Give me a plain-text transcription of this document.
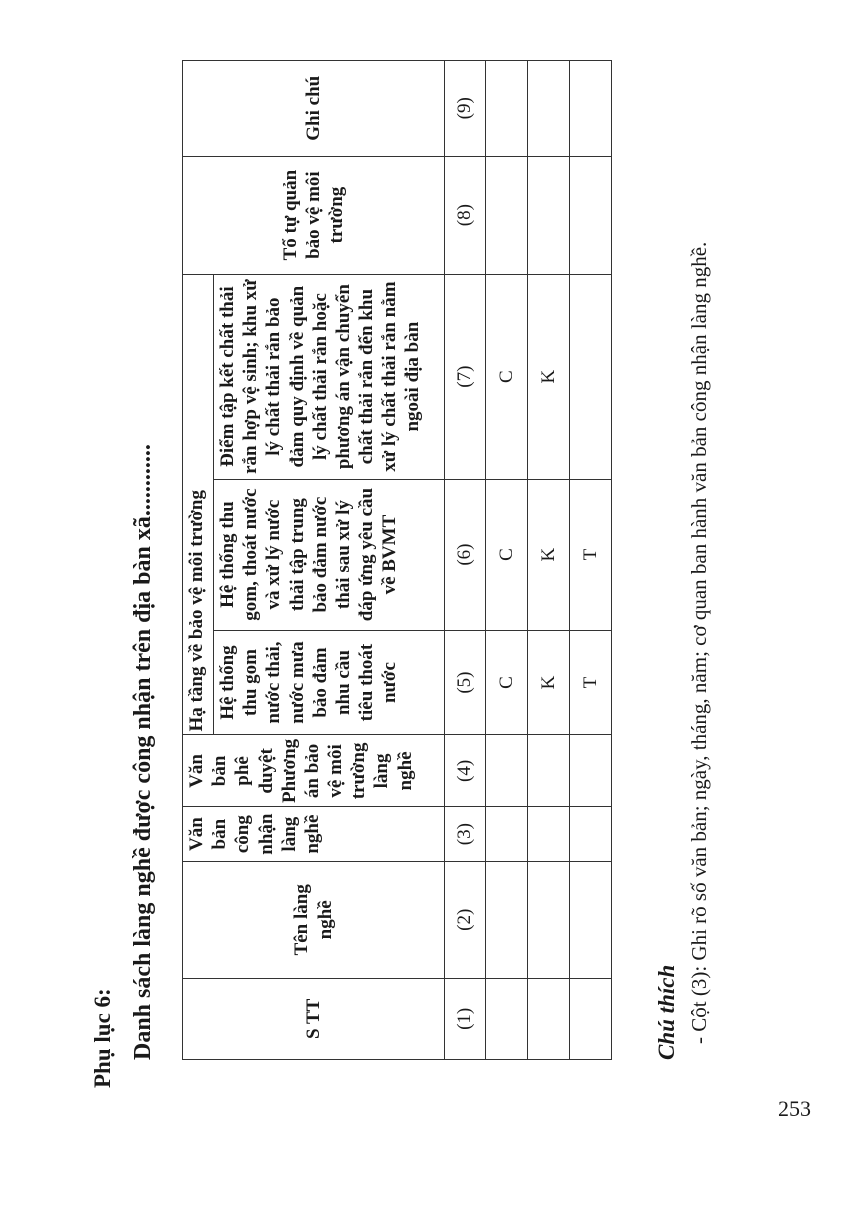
Phụ lục 6: Danh sách làng nghề được công nhận trên địa bàn xã............	S TT	Tên làng nghề	Văn bản công nhận làng nghề	Văn bản phê duyệt Phương án bảo vệ môi trường làng nghề	Hạ tầng về bảo vệ môi trường			Tổ tự quản bảo vệ môi trường	Ghi chú
				Hệ thống thu gom nước thải, nước mưa bảo đảm nhu cầu tiêu thoát nước	Hệ thống thu gom, thoát nước và xử lý nước thải tập trung bảo đảm nước thải sau xử lý đáp ứng yêu cầu về BVMT	Điểm tập kết chất thải rắn hợp vệ sinh; khu xử lý chất thải rắn bảo đảm quy định về quản lý chất thải rắn hoặc phương án vận chuyển chất thải rắn đến khu xử lý chất thải rắn nằm ngoài địa bàn		
(1)	(2)	(3)	(4)	(5)	(6)	(7)	(8)	(9)
				C	C	C		
				K	K	K		
				T	T			
Chú thích - Cột (3): Ghi rõ số văn bản; ngày, tháng, năm; cơ quan ban hành văn bản công nhận làng nghề.
253
